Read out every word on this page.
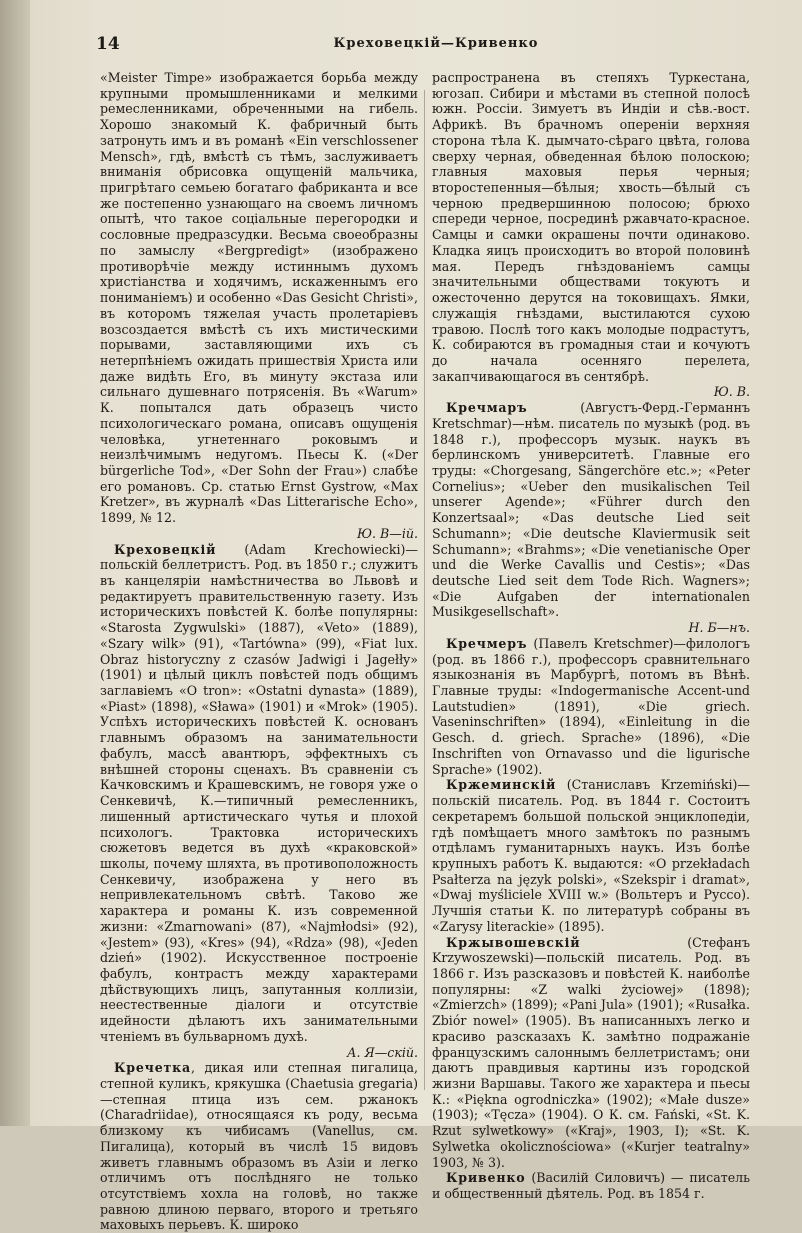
14	Креховецкій—Кривенко

«Meister Timpe» изображается борьба между крупными промышленниками и мелкими ремесленниками, обреченными на гибель. Хорошо знакомый К. фабричный быть затронуть имъ и въ романѣ «Ein verschlossener Mensch», гдѣ, вмѣстѣ съ тѣмъ, заслуживаетъ вниманія обрисовка ощущеній мальчика, пригрѣтаго семьею богатаго фабриканта и все же постепенно узнающаго на своемъ личномъ опытѣ, что такое соціальные перегородки и сословные предразсудки. Весьма своеобразны по замыслу «Bergpredigt» (изображено противорѣчіе между истиннымъ духомъ христіанства и ходячимъ, искаженнымъ его пониманіемъ) и особенно «Das Gesicht Christi», въ которомъ тяжелая участь пролетаріевъ возсоздается вмѣстѣ съ ихъ мистическими порывами, заставляющими ихъ съ нетерпѣніемъ ожидать пришествія Христа или даже видѣть Его, въ минуту экстаза или сильнаго душевнаго потрясенія. Въ «Warum» К. попытался дать образецъ чисто психологическаго романа, описавъ ощущенія человѣка, угнетеннаго роковымъ и неизлѣчимымъ недугомъ. Пьесы К. («Der bürgerliche Tod», «Der Sohn der Frau») слабѣе его романовъ. Ср. статью Ernst Gystrow, «Max Kretzer», въ журналѣ «Das Litterarische Echo», 1899, № 12.

Ю. В—ій.

Креховецкій (Adam Krechowiecki)—польскій беллетристъ. Род. въ 1850 г.; служитъ въ канцеляріи намѣстничества во Львовѣ и редактируетъ правительственную газету. Изъ историческихъ повѣстей К. болѣе популярны: «Starosta Zygwulski» (1887), «Veto» (1889), «Szary wilk» (91), «Tartówna» (99), «Fiat lux. Obraz historyczny z czasów Jadwigi i Jagełły» (1901) и цѣлый циклъ повѣстей подъ общимъ заглавіемъ «O tron»: «Ostatni dynasta» (1889), «Piast» (1898), «Sława» (1901) и «Mrok» (1905). Успѣхъ историческихъ повѣстей К. основанъ главнымъ образомъ на занимательности фабулъ, массѣ авантюръ, эффектныхъ съ внѣшней стороны сценахъ. Въ сравненіи съ Качковскимъ и Крашевскимъ, не говоря уже о Сенкевичѣ, К.—типичный ремесленникъ, лишенный артистическаго чутья и плохой психологъ. Трактовка историческихъ сюжетовъ ведется въ духѣ «краковской» школы, почему шляхта, въ противоположность Сенкевичу, изображена у него въ непривлекательномъ свѣтѣ. Таково же характера и романы К. изъ современной жизни: «Zmarnowani» (87), «Najmłodsi» (92), «Jestem» (93), «Kres» (94), «Rdza» (98), «Jeden dzień» (1902). Искусственное построеніе фабулъ, контрастъ между характерами дѣйствующихъ лицъ, запутанныя коллизіи, неестественные діалоги и отсутствіе идейности дѣлаютъ ихъ занимательными чтеніемъ въ бульварномъ духѣ.

А. Я—скій.

Кречетка, дикая или степная пигалица, степной куликъ, крякушка (Chaetusia gregaria)—степная птица изъ сем. ржанокъ (Charadriidae), относящаяся къ роду, весьма близкому къ чибисамъ (Vanellus, см. Пигалица), который въ числѣ 15 видовъ живетъ главнымъ образомъ въ Азіи и легко отличимъ отъ послѣдняго не только отсутствіемъ хохла на головѣ, но также равною длиною перваго, второго и третьяго маховыхъ перьевъ. К. широко

распространена въ степяхъ Туркестана, югозап. Сибири и мѣстами въ степной полосѣ южн. Россіи. Зимуетъ въ Индіи и сѣв.-вост. Африкѣ. Въ брачномъ опереніи верхняя сторона тѣла К. дымчато-сѣраго цвѣта, голова сверху черная, обведенная бѣлою полоскою; главныя маховыя перья черныя; второстепенныя—бѣлыя; хвость—бѣлый съ черною предвершинною полосою; брюхо спереди черное, посрединѣ ржавчато-красное. Самцы и самки окрашены почти одинаково. Кладка яицъ происходитъ во второй половинѣ мая. Передъ гнѣздованіемъ самцы значительными обществами токуютъ и ожесточенно дерутся на токовищахъ. Ямки, служащія гнѣздами, выстилаются сухою травою. Послѣ того какъ молодые подрастутъ, К. собираются въ громадныя стаи и кочуютъ до начала осенняго перелета, закапчивающагося въ сентябрѣ.

Ю. В.

Кречмаръ	(Августъ-Ферд.-Германнъ Kretschmar)—нѣм. писатель по музыкѣ (род. въ 1848 г.), профессоръ музык. наукъ въ берлинскомъ университетѣ. Главные его труды: «Chorgesang, Sängerchöre etc.»; «Peter Cornelius»; «Ueber den musikalischen Teil unserer Agende»; «Führer durch den Konzertsaal»; «Das deutsche Lied seit Schumann»; «Die deutsche Klaviermusik seit Schumann»; «Brahms»; «Die venetianische Oper und die Werke Cavallis und Cestis»; «Das deutsche Lied seit dem Tode Rich. Wagners»; «Die Aufgaben der internationalen Musikgesellschaft».

Н. Б—нъ.

Кречмеръ (Павелъ Kretschmer)—филологъ (род. въ 1866 г.), профессоръ сравнительнаго языкознанія въ Марбургѣ, потомъ въ Вѣнѣ. Главные труды: «Indogermanische Accent-und Lautstudien» (1891), «Die griech. Vaseninschriften» (1894), «Einleitung in die Gesch. d. griech. Sprache» (1896), «Die Inschriften von Ornavasso und die ligurische Sprache» (1902).

Кржеминскій (Станиславъ Krzemiński)—польскій писатель. Род. въ 1844 г. Состоитъ секретаремъ большой польской энциклопедіи, гдѣ помѣщаетъ много замѣтокъ по разнымъ отдѣламъ гуманитарныхъ наукъ. Изъ болѣе крупныхъ работъ К. выдаются: «O przekładach Psałterza na język polski», «Szekspir i dramat», «Dwaj myśliciele XVIII w.» (Вольтеръ и Руссо). Лучшія статьи К. по литературѣ собраны въ «Zarysy literackie» (1895).

Кржывошевскій	(Стефанъ Krzywoszewski)—польскій писатель. Род. въ 1866 г. Изъ разсказовъ и повѣстей К. наиболѣе популярны: «Z walki życiowej» (1898); «Zmierzch» (1899); «Pani Jula» (1901); «Rusałka. Zbiór nowel» (1905). Въ написанныхъ легко и красиво разсказахъ К. замѣтно подражаніе французскимъ салоннымъ беллетристамъ; они даютъ правдивыя картины изъ городской жизни Варшавы. Такого же характера и пьесы К.: «Piękna ogrodniczka» (1902); «Małe dusze» (1903); «Tęcza» (1904). О К. см. Fański, «St. K. Rzut sylwetkowy» («Kraj», 1903, I); «St. K. Sylwetka okolicznościowa» («Kurjer teatralny» 1903, № 3).

Кривенко (Василій Силовичъ) — писатель и общественный дѣятель. Род. въ 1854 г.
